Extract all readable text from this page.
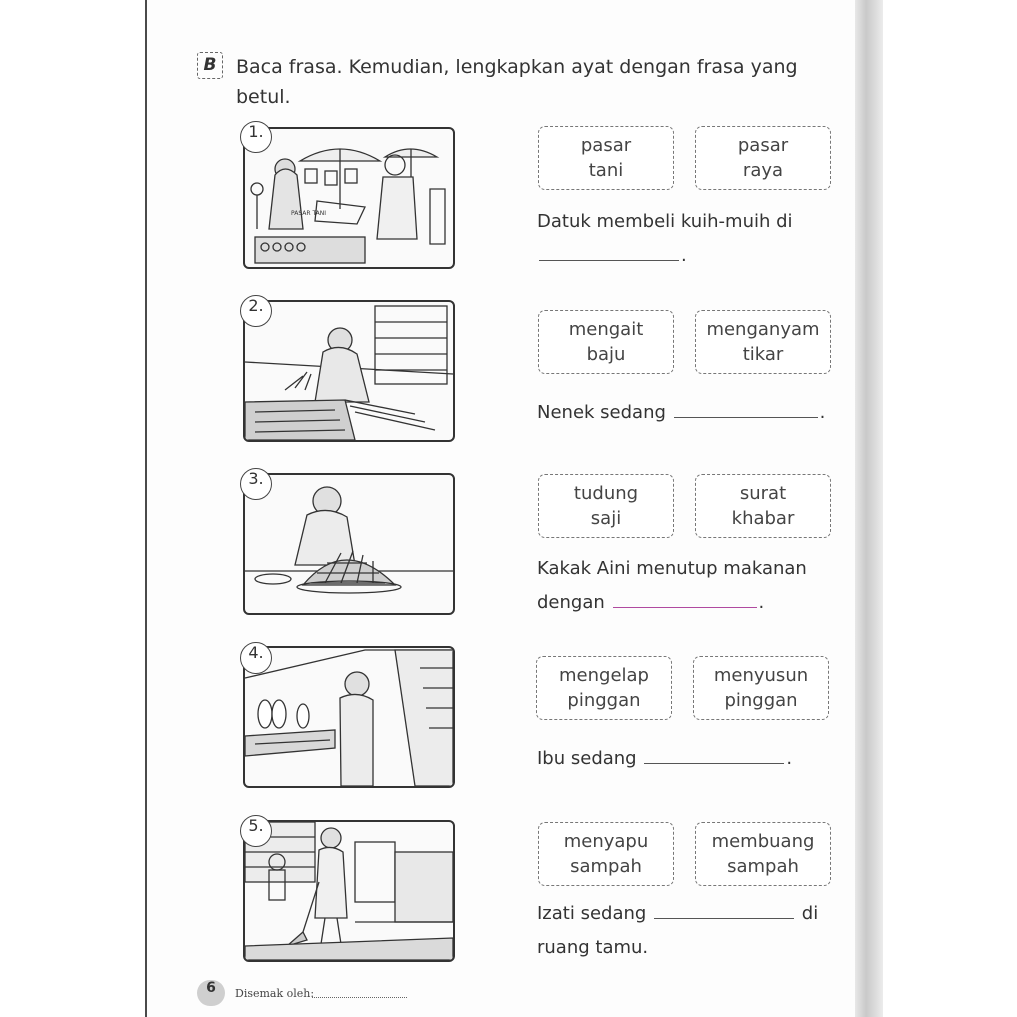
B	Baca frasa. Kemudian, lengkapkan ayat dengan frasa yang betul.
PASAR TANI
1.
pasar
tani
pasar
raya
Datuk membeli kuih-muih di
.
2.
mengait
baju
menganyam
tikar
Nenek sedang	.
3.
tudung
saji
surat
khabar
Kakak Aini menutup makanan
dengan	.
4.
mengelap
pinggan
menyusun
pinggan
Ibu sedang	.
5.
menyapu
sampah
membuang
sampah
Izati sedang	di
ruang tamu.
6	Disemak oleh:
